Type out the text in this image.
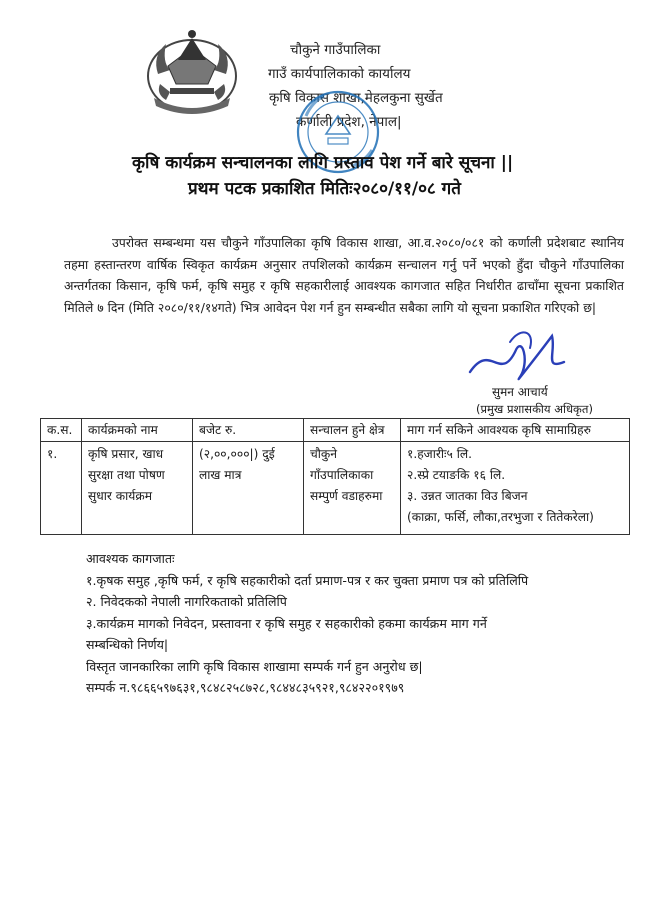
चौकुने गाउँपालिका
गाउँ कार्यपालिकाको कार्यालय
कृषि विकास शाखा,मेहलकुना सुर्खेत
कर्णाली प्रदेश, नेपाल|
कृषि कार्यक्रम सन्चालनका लागि प्रस्ताव पेश गर्ने बारे सूचना ||
प्रथम पटक प्रकाशित मितिः२०८०/११/०८ गते
उपरोक्त सम्बन्धमा यस चौकुने गाँउपालिका कृषि विकास शाखा, आ.व.२०८०/०८१ को कर्णाली प्रदेशबाट स्थानिय तहमा हस्तान्तरण वार्षिक स्विकृत कार्यक्रम अनुसार तपशिलको कार्यक्रम सन्चालन गर्नु पर्ने भएको हुँदा चौकुने गाँउपालिका अन्तर्गतका किसान, कृषि फर्म, कृषि समुह र कृषि सहकारीलाई आवश्यक कागजात सहित निर्धारीत ढाचाँमा सूचना प्रकाशित मितिले ७ दिन (मिति २०८०/११/१४गते) भित्र आवेदन पेश गर्न हुन सम्बन्धीत सबैका लागि यो सूचना प्रकाशित गरिएको छ|
सुमन आचार्य
(प्रमुख प्रशासकीय अधिकृत)
क.स.	कार्यक्रमको नाम	बजेट रु.	सन्चालन हुने क्षेत्र	माग गर्न सकिने आवश्यक कृषि सामाग्रिहरु
१.	कृषि प्रसार, खाध सुरक्षा तथा पोषण सुधार कार्यक्रम	(२,००,०००|) दुई लाख मात्र	चौकुने गाँउपालिकाका सम्पुर्ण वडाहरुमा	१.हजारीः५ लि.
२.स्प्रे टयाङकि १६ लि.
३. उन्नत जातका विउ बिजन
(काक्रा, फर्सि, लौका,तरभुजा र तितेकरेला)
आवश्यक कागजातः
१.कृषक समुह ,कृषि फर्म, र कृषि सहकारीको दर्ता प्रमाण-पत्र र कर चुक्ता प्रमाण पत्र को प्रतिलिपि
२. निवेदकको नेपाली नागरिकताको प्रतिलिपि
३.कार्यक्रम मागको निवेदन, प्रस्तावना र कृषि समुह र सहकारीको हकमा कार्यक्रम माग गर्ने
सम्बन्धिको निर्णय|
विस्तृत जानकारिका लागि कृषि विकास शाखामा सम्पर्क गर्न हुन अनुरोध छ|
सम्पर्क न.९८६६५९७६३१,९८४८२५८७२८,९८४४८३५९२१,९८४२२०१९७९
